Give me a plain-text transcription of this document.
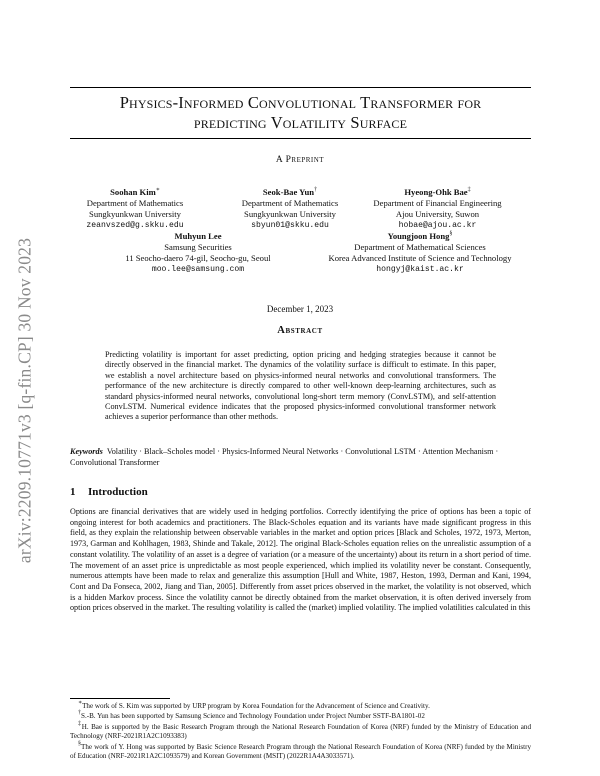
arXiv:2209.10771v3 [q-fin.CP] 30 Nov 2023
Physics-Informed Convolutional Transformer for
predicting Volatility Surface
A Preprint
Soohan Kim∗
Department of Mathematics
Sungkyunkwan University
zeanvszed@g.skku.edu
Seok-Bae Yun†
Department of Mathematics
Sungkyunkwan University
sbyun01@skku.edu
Hyeong-Ohk Bae‡
Department of Financial Engineering
Ajou University, Suwon
hobae@ajou.ac.kr
Muhyun Lee
Samsung Securities
11 Seocho-daero 74-gil, Seocho-gu, Seoul
moo.lee@samsung.com
Youngjoon Hong§
Department of Mathematical Sciences
Korea Advanced Institute of Science and Technology
hongyj@kaist.ac.kr
December 1, 2023
Abstract
Predicting volatility is important for asset predicting, option pricing and hedging strategies because it cannot be directly observed in the financial market. The dynamics of the volatility surface is difficult to estimate. In this paper, we establish a novel architecture based on physics-informed neural networks and convolutional transformers. The performance of the new architecture is directly compared to other well-known deep-learning architectures, such as standard physics-informed neural networks, convolutional long-short term memory (ConvLSTM), and self-attention ConvLSTM. Numerical evidence indicates that the proposed physics-informed convolutional transformer network achieves a superior performance than other methods.
Keywords Volatility · Black–Scholes model · Physics-Informed Neural Networks · Convolutional LSTM · Attention Mechanism · Convolutional Transformer
1 Introduction
Options are financial derivatives that are widely used in hedging portfolios. Correctly identifying the price of options has been a topic of ongoing interest for both academics and practitioners. The Black-Scholes equation and its variants have made significant progress in this field, as they explain the relationship between observable variables in the market and option prices [Black and Scholes, 1972, 1973, Merton, 1973, Garman and Kohlhagen, 1983, Shinde and Takale, 2012]. The original Black-Scholes equation relies on the unrealistic assumption of a constant volatility. The volatility of an asset is a degree of variation (or a measure of the uncertainty) about its return in a short period of time. The movement of an asset price is unpredictable as most people experienced, which implied its volatility never be constant. Consequently, numerous attempts have been made to relax and generalize this assumption [Hull and White, 1987, Heston, 1993, Derman and Kani, 1994, Cont and Da Fonseca, 2002, Jiang and Tian, 2005]. Differently from asset prices observed in the market, the volatility is not observed, which is a hidden Markov process. Since the volatility cannot be directly obtained from the market observation, it is often derived inversely from option prices observed in the market. The resulting volatility is called the (market) implied volatility. The implied volatilities calculated in this

∗The work of S. Kim was supported by URP program by Korea Foundation for the Advancement of Science and Creativity.

†S.-B. Yun has been supported by Samsung Science and Technology Foundation under Project Number SSTF-BA1801-02

‡H. Bae is supported by the Basic Research Program through the National Research Foundation of Korea (NRF) funded by the Ministry of Education and Technology (NRF-2021R1A2C1093383)

§The work of Y. Hong was supported by Basic Science Research Program through the National Research Foundation of Korea (NRF) funded by the Ministry of Education (NRF-2021R1A2C1093579) and Korean Government (MSIT) (2022R1A4A3033571).
